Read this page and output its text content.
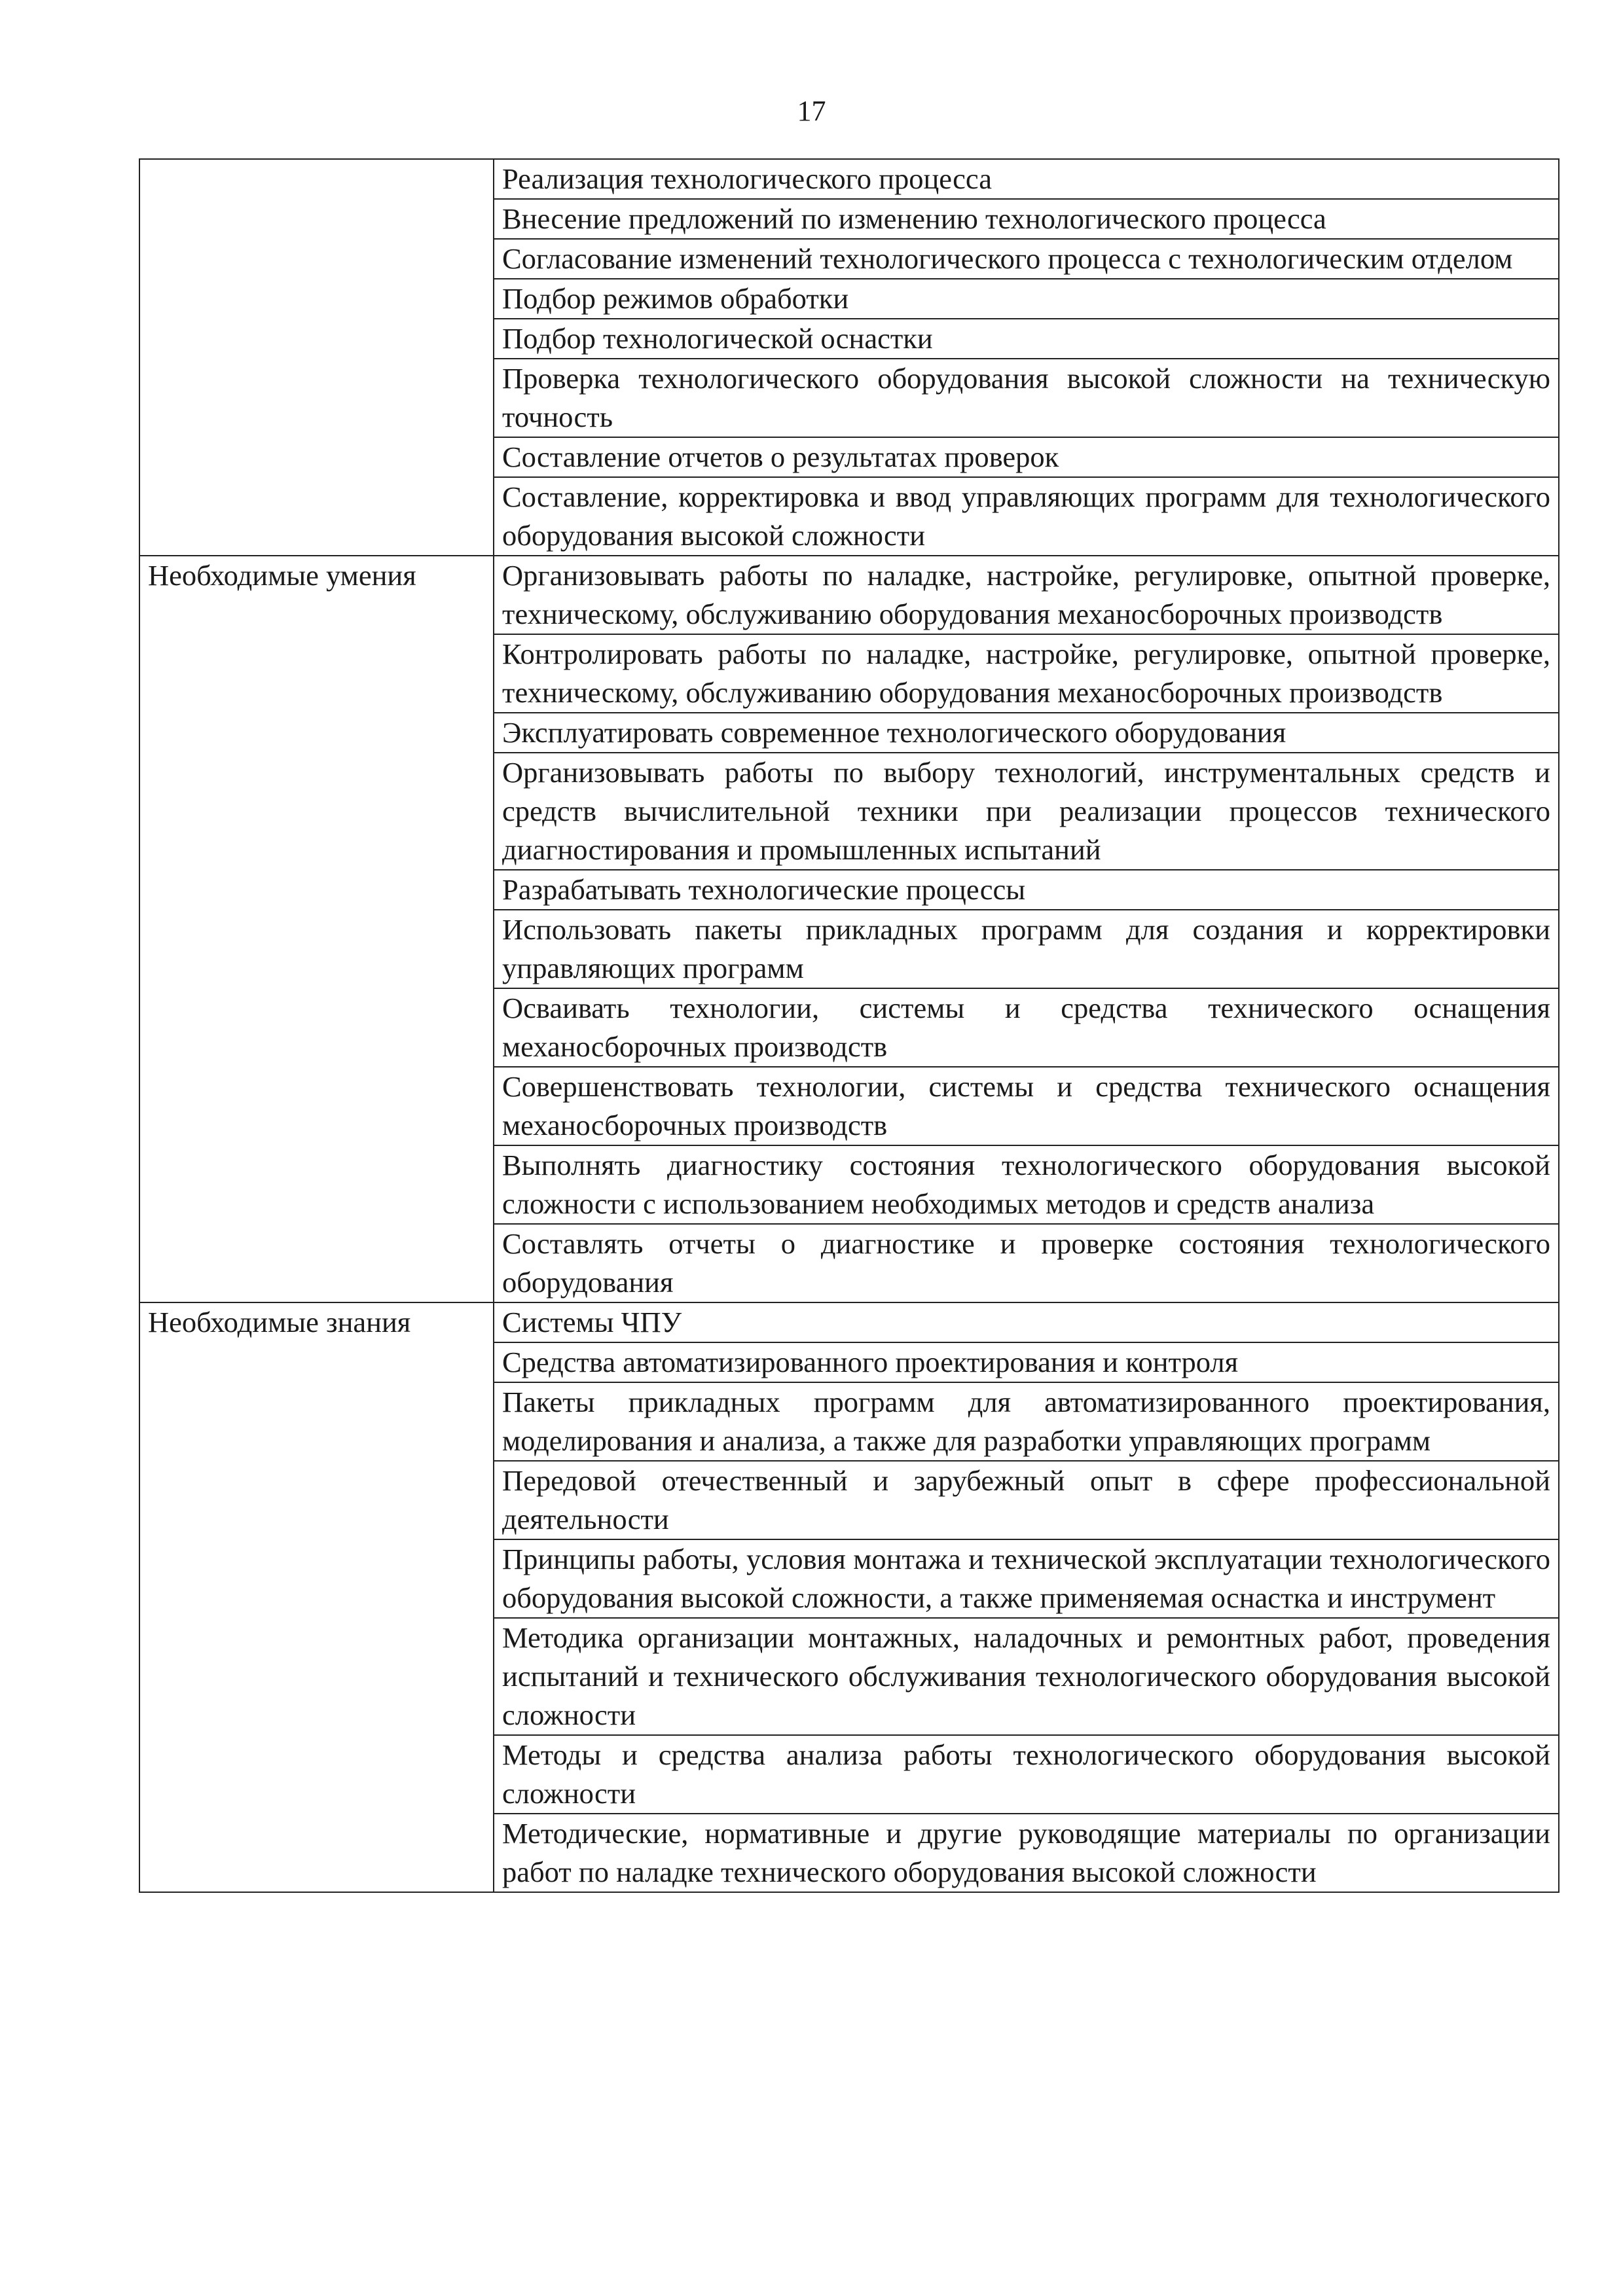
17
	Реализация технологического процесса
	Внесение предложений по изменению технологического процесса
	Согласование изменений технологического процесса с технологическим отделом
	Подбор режимов обработки
	Подбор технологической оснастки
	Проверка технологического оборудования высокой сложности на техническую точность
	Составление отчетов о результатах проверок
	Составление, корректировка и ввод управляющих программ для технологического оборудования высокой сложности
Необходимые умения	Организовывать работы по наладке, настройке, регулировке, опытной проверке, техническому, обслуживанию оборудования механосборочных производств
	Контролировать работы по наладке, настройке, регулировке, опытной проверке, техническому, обслуживанию оборудования механосборочных производств
	Эксплуатировать современное технологического оборудования
	Организовывать работы по выбору технологий, инструментальных средств и средств вычислительной техники при реализации процессов технического диагностирования и промышленных испытаний
	Разрабатывать технологические процессы
	Использовать пакеты прикладных программ для создания и корректировки управляющих программ
	Осваивать технологии, системы и средства технического оснащения механосборочных производств
	Совершенствовать технологии, системы и средства технического оснащения механосборочных производств
	Выполнять диагностику состояния технологического оборудования высокой сложности с использованием необходимых методов и средств анализа
	Составлять отчеты о диагностике и проверке состояния технологического оборудования
Необходимые знания	Системы ЧПУ
	Средства автоматизированного проектирования и контроля
	Пакеты прикладных программ для автоматизированного проектирования, моделирования и анализа, а также для разработки управляющих программ
	Передовой отечественный и зарубежный опыт в сфере профессиональной деятельности
	Принципы работы, условия монтажа и технической эксплуатации технологического оборудования высокой сложности, а также применяемая оснастка и инструмент
	Методика организации монтажных, наладочных и ремонтных работ, проведения испытаний и технического обслуживания технологического оборудования высокой сложности
	Методы и средства анализа работы технологического оборудования высокой сложности
	Методические, нормативные и другие руководящие материалы по организации работ по наладке технического оборудования высокой сложности
